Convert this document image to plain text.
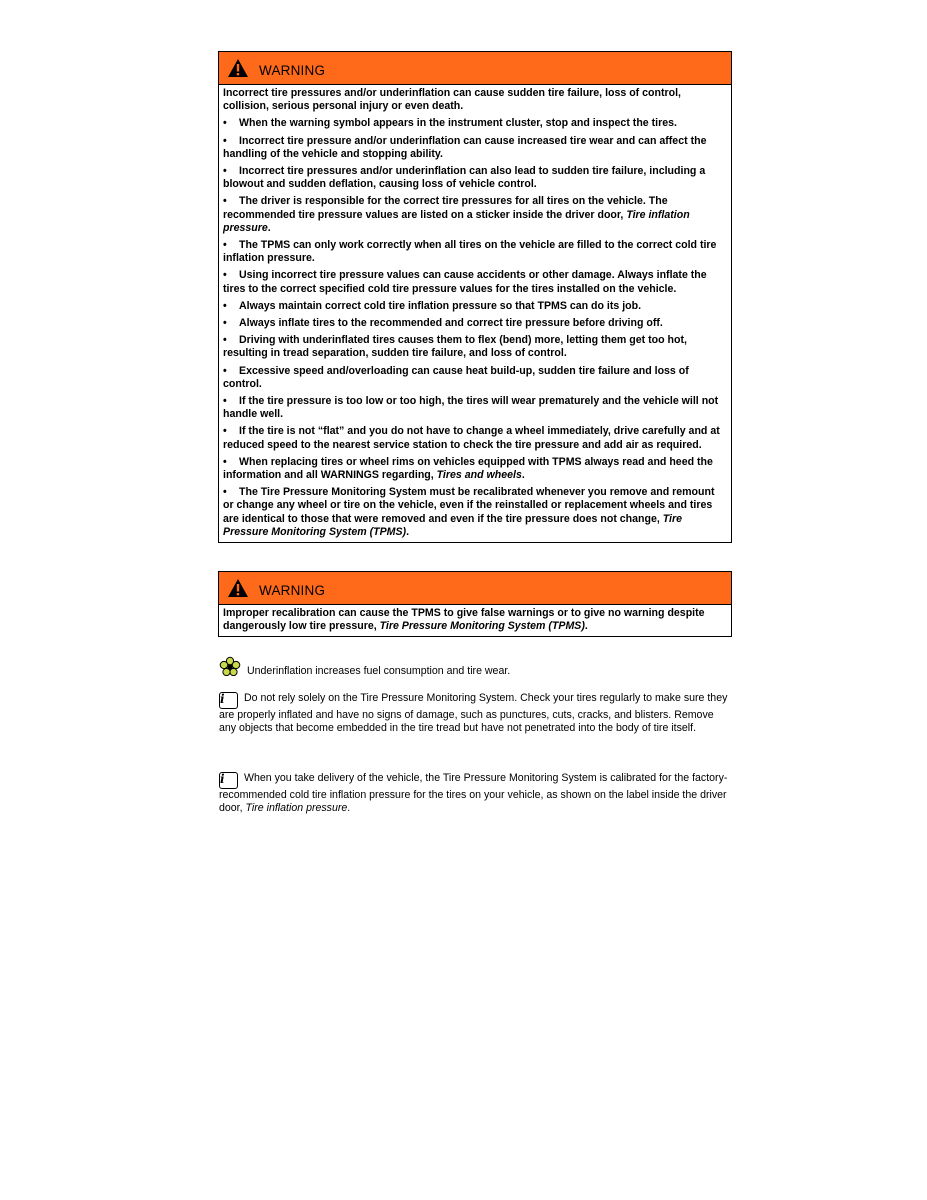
WARNING

Incorrect tire pressures and/or underinflation can cause sudden tire failure, loss of control, collision, serious personal injury or even death.

• When the warning symbol appears in the instrument cluster, stop and inspect the tires.

• Incorrect tire pressure and/or underinflation can cause increased tire wear and can affect the handling of the vehicle and stopping ability.

• Incorrect tire pressures and/or underinflation can also lead to sudden tire failure, including a blowout and sudden deflation, causing loss of vehicle control.

• The driver is responsible for the correct tire pressures for all tires on the vehicle. The recommended tire pressure values are listed on a sticker inside the driver door, Tire inflation pressure.

• The TPMS can only work correctly when all tires on the vehicle are filled to the correct cold tire inflation pressure.

• Using incorrect tire pressure values can cause accidents or other damage. Always inflate the tires to the correct specified cold tire pressure values for the tires installed on the vehicle.

• Always maintain correct cold tire inflation pressure so that TPMS can do its job.

• Always inflate tires to the recommended and correct tire pressure before driving off.

• Driving with underinflated tires causes them to flex (bend) more, letting them get too hot, resulting in tread separation, sudden tire failure, and loss of control.

• Excessive speed and/overloading can cause heat build-up, sudden tire failure and loss of control.

• If the tire pressure is too low or too high, the tires will wear prematurely and the vehicle will not handle well.

• If the tire is not “flat” and you do not have to change a wheel immediately, drive carefully and at reduced speed to the nearest service station to check the tire pressure and add air as required.

• When replacing tires or wheel rims on vehicles equipped with TPMS always read and heed the information and all WARNINGS regarding, Tires and wheels.

• The Tire Pressure Monitoring System must be recalibrated whenever you remove and remount or change any wheel or tire on the vehicle, even if the reinstalled or replacement wheels and tires are identical to those that were removed and even if the tire pressure does not change, Tire Pressure Monitoring System (TPMS).

WARNING

Improper recalibration can cause the TPMS to give false warnings or to give no warning despite dangerously low tire pressure, Tire Pressure Monitoring System (TPMS).

Underinflation increases fuel consumption and tire wear.
i Do not rely solely on the Tire Pressure Monitoring System. Check your tires regularly to make sure they are properly inflated and have no signs of damage, such as punctures, cuts, cracks, and blisters. Remove any objects that become embedded in the tire tread but have not penetrated into the body of tire itself.
i When you take delivery of the vehicle, the Tire Pressure Monitoring System is calibrated for the factory-recommended cold tire inflation pressure for the tires on your vehicle, as shown on the label inside the driver door, Tire inflation pressure.
